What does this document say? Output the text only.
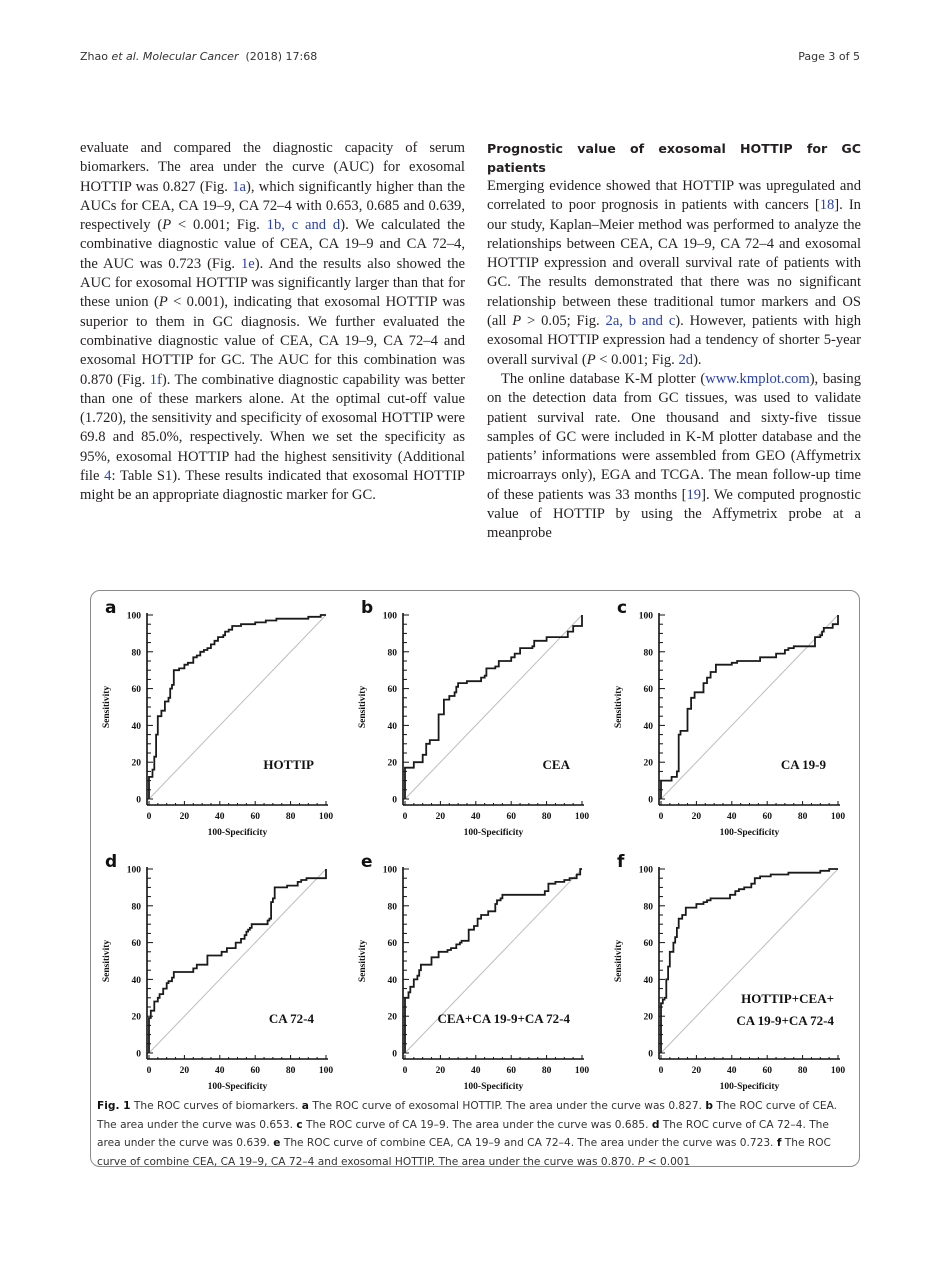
Zhao et al. Molecular Cancer (2018) 17:68	Page 3 of 5

evaluate and compared the diagnostic capacity of serum biomarkers. The area under the curve (AUC) for exosomal HOTTIP was 0.827 (Fig. 1a), which significantly higher than the AUCs for CEA, CA 19–9, CA 72–4 with 0.653, 0.685 and 0.639, respectively (P < 0.001; Fig. 1b, c and d). We calculated the combinative diagnostic value of CEA, CA 19–9 and CA 72–4, the AUC was 0.723 (Fig. 1e). And the results also showed the AUC for exosomal HOTTIP was significantly larger than that for these union (P < 0.001), indicating that exosomal HOTTIP was superior to them in GC diagnosis. We further evaluated the combinative diagnostic value of CEA, CA 19–9, CA 72–4 and exosomal HOTTIP for GC. The AUC for this combination was 0.870 (Fig. 1f). The combinative diagnostic capability was better than one of these markers alone. At the optimal cut-off value (1.720), the sensitivity and specificity of exosomal HOTTIP were 69.8 and 85.0%, respectively. When we set the specificity as 95%, exosomal HOTTIP had the highest sensitivity (Additional file 4: Table S1). These results indicated that exosomal HOTTIP might be an appropriate diagnostic marker for GC.

Prognostic value of exosomal HOTTIP for GC patients

Emerging evidence showed that HOTTIP was upregulated and correlated to poor prognosis in patients with cancers [18]. In our study, Kaplan–Meier method was performed to analyze the relationships between CEA, CA 19–9, CA 72–4 and exosomal HOTTIP expression and overall survival rate of patients with GC. The results demonstrated that there was no significant relationship between these traditional tumor markers and OS (all P > 0.05; Fig. 2a, b and c). However, patients with high exosomal HOTTIP expression had a tendency of shorter 5-year overall survival (P < 0.001; Fig. 2d).

The online database K-M plotter (www.kmplot.com), basing on the detection data from GC tissues, was used to validate patient survival rate. One thousand and sixty-five tissue samples of GC were included in K-M plotter database and the patients’ informations were assembled from GEO (Affymetrix microarrays only), EGA and TCGA. The mean follow-up time of these patients was 33 months [19]. We computed prognostic value of HOTTIP by using the Affymetrix probe at a meanprobe

a
0
20
40
60
80
100
0	20	40	60	80 100
100-Specificity
Sensitivity
HOTTIP
b
0
20
40
60
80
100
0	20	40	60	80 100
100-Specificity
Sensitivity
CEA
c
0
20
40
60
80
100
0	20	40	60	80 100
100-Specificity
Sensitivity
CA 19-9
d
0
20
40
60
80
100
0	20	40	60	80 100
100-Specificity
Sensitivity
CA 72-4
e
0
20
40
60
80
100
0	20	40	60	80 100
100-Specificity
Sensitivity
CEA+CA 19-9+CA 72-4
f
0
20
40
60
80
100
0	20	40	60	80 100
100-Specificity
Sensitivity
HOTTIP+CEA+
CA 19-9+CA 72-4
Fig. 1 The ROC curves of biomarkers. a The ROC curve of exosomal HOTTIP. The area under the curve was 0.827. b The ROC curve of CEA. The area under the curve was 0.653. c The ROC curve of CA 19–9. The area under the curve was 0.685. d The ROC curve of CA 72–4. The area under the curve was 0.639. e The ROC curve of combine CEA, CA 19–9 and CA 72–4. The area under the curve was 0.723. f The ROC curve of combine CEA, CA 19–9, CA 72–4 and exosomal HOTTIP. The area under the curve was 0.870. P < 0.001
